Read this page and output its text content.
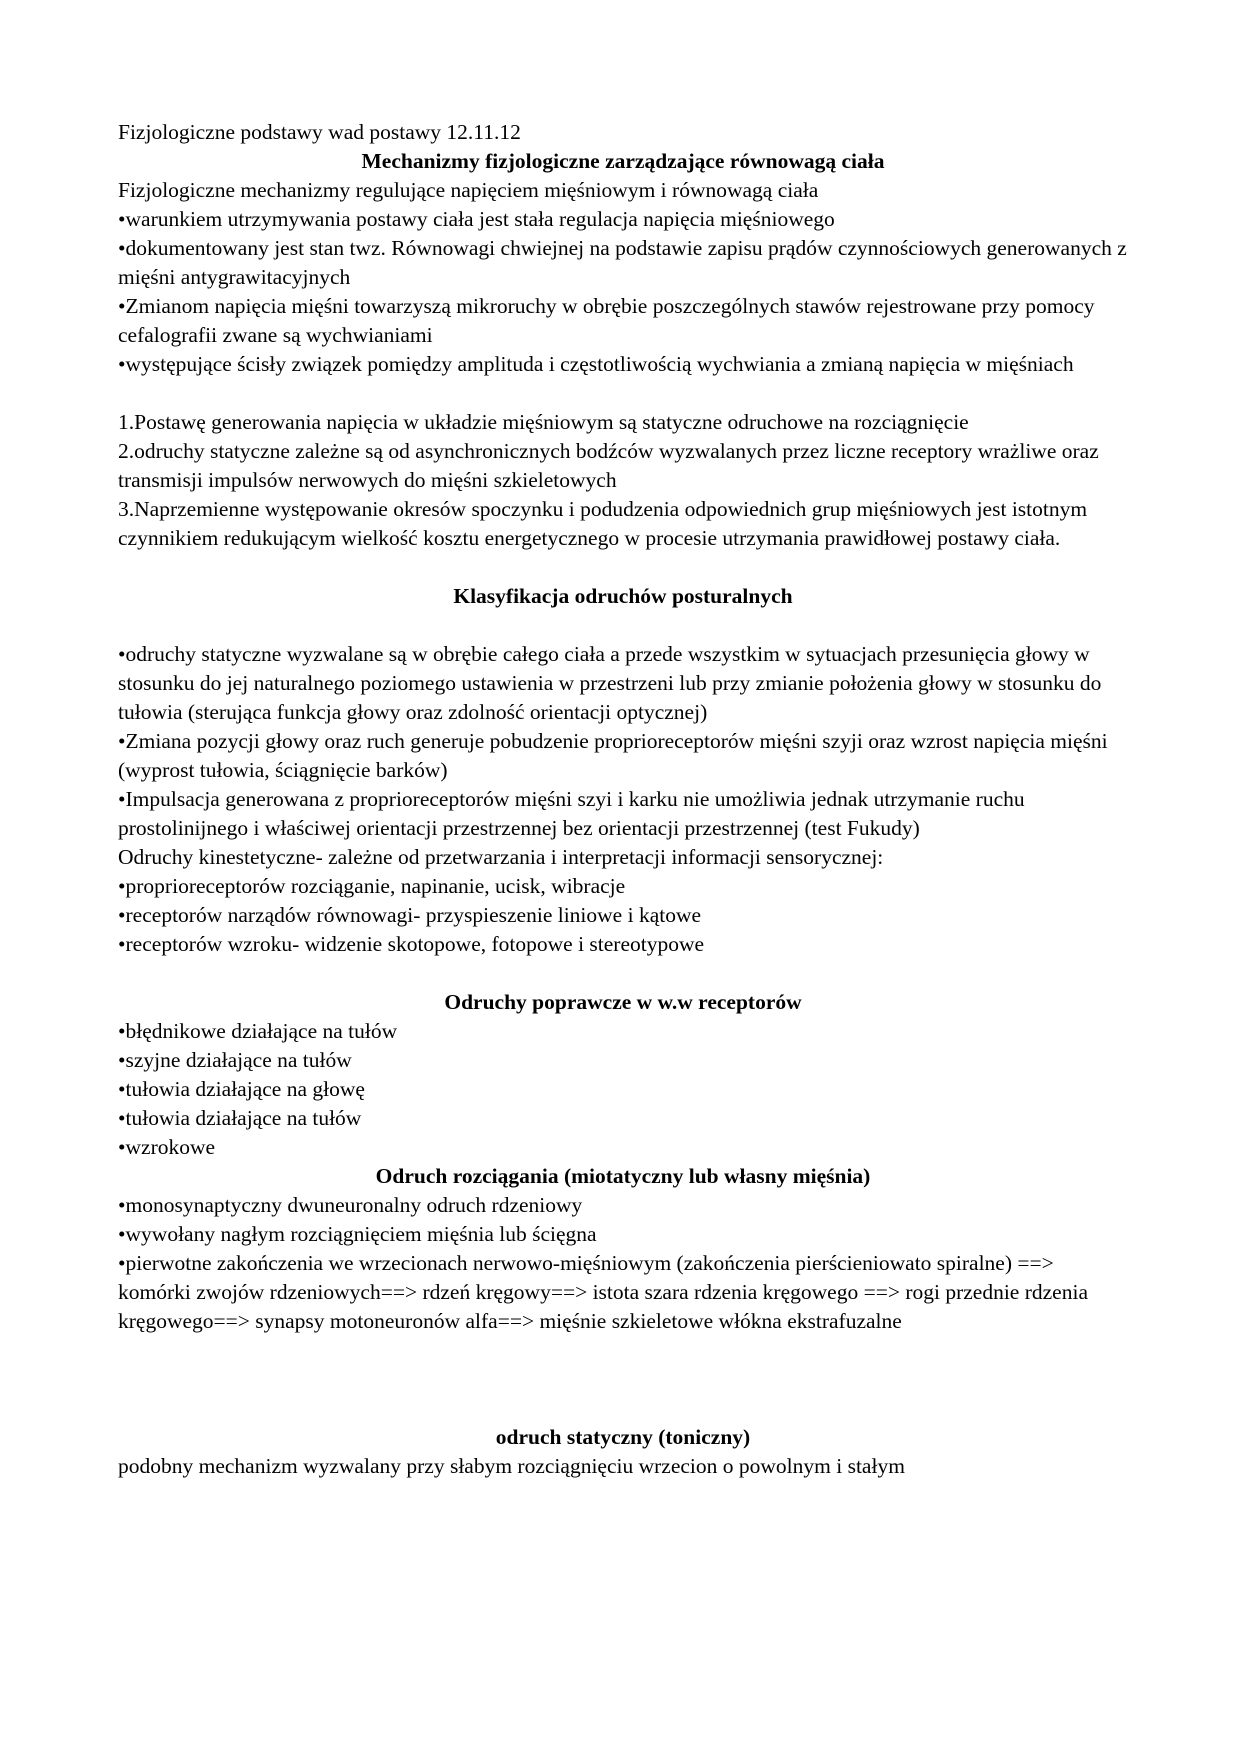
Fizjologiczne podstawy wad postawy 12.11.12

Mechanizmy fizjologiczne zarządzające równowagą ciała

Fizjologiczne mechanizmy regulujące napięciem mięśniowym i równowagą ciała

•warunkiem utrzymywania postawy ciała jest stała regulacja napięcia mięśniowego
•dokumentowany jest stan twz. Równowagi chwiejnej na podstawie zapisu prądów czynnościowych generowanych z mięśni antygrawitacyjnych
•Zmianom napięcia mięśni towarzyszą mikroruchy w obrębie poszczególnych stawów rejestrowane przy pomocy cefalografii zwane są wychwianiami
•występujące ścisły związek pomiędzy amplituda i częstotliwością wychwiania a zmianą napięcia w mięśniach

1.Postawę generowania napięcia w układzie mięśniowym są statyczne odruchowe na rozciągnięcie

2.odruchy statyczne zależne są od asynchronicznych bodźców wyzwalanych przez liczne receptory wrażliwe oraz transmisji impulsów nerwowych do mięśni szkieletowych

3.Naprzemienne występowanie okresów spoczynku i podudzenia odpowiednich grup mięśniowych jest istotnym czynnikiem redukującym wielkość kosztu energetycznego w procesie utrzymania prawidłowej postawy ciała.

Klasyfikacja odruchów posturalnych

•odruchy statyczne wyzwalane są w obrębie całego ciała a przede wszystkim w sytuacjach przesunięcia głowy w stosunku do jej naturalnego poziomego ustawienia w przestrzeni lub przy zmianie położenia głowy w stosunku do tułowia (sterująca funkcja głowy oraz zdolność orientacji optycznej)
•Zmiana pozycji głowy oraz ruch generuje pobudzenie proprioreceptorów mięśni szyji oraz wzrost napięcia mięśni (wyprost tułowia, ściągnięcie barków)
•Impulsacja generowana z proprioreceptorów mięśni szyi i karku nie umożliwia jednak utrzymanie ruchu prostolinijnego i właściwej orientacji przestrzennej bez orientacji przestrzennej (test Fukudy)

Odruchy kinestetyczne- zależne od przetwarzania i interpretacji informacji sensorycznej:

•proprioreceptorów rozciąganie, napinanie, ucisk, wibracje
•receptorów narządów równowagi- przyspieszenie liniowe i kątowe
•receptorów wzroku- widzenie skotopowe, fotopowe i stereotypowe

Odruchy poprawcze w w.w receptorów

•błędnikowe działające na tułów
•szyjne działające na tułów
•tułowia działające na głowę
•tułowia działające na tułów
•wzrokowe

Odruch rozciągania (miotatyczny lub własny mięśnia)

•monosynaptyczny dwuneuronalny odruch rdzeniowy
•wywołany nagłym rozciągnięciem mięśnia lub ścięgna
•pierwotne zakończenia we wrzecionach nerwowo-mięśniowym (zakończenia pierścieniowato spiralne) ==> komórki zwojów rdzeniowych==> rdzeń kręgowy==> istota szara rdzenia kręgowego ==> rogi przednie rdzenia kręgowego==> synapsy motoneuronów alfa==> mięśnie szkieletowe włókna ekstrafuzalne

odruch statyczny (toniczny)

podobny mechanizm wyzwalany przy słabym rozciągnięciu wrzecion o powolnym i stałym
